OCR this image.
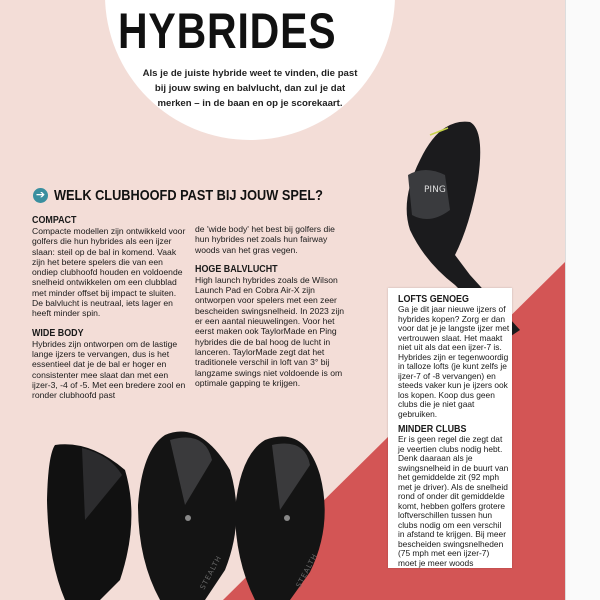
HYBRIDES
Als je de juiste hybride weet te vinden, die past bij jouw swing en balvlucht, dan zul je dat merken – in de baan en op je scorekaart.
PING
STEALTH	STEALTH
➔ WELK CLUBHOOFD PAST BIJ JOUW SPEL?
COMPACT

Compacte modellen zijn ontwikkeld voor golfers die hun hybrides als een ijzer slaan: steil op de bal in komend. Vaak zijn het betere spelers die van een ondiep clubhoofd houden en voldoende snelheid ontwikkelen om een clubblad met minder offset bij impact te sluiten. De balvlucht is neutraal, iets lager en heeft minder spin.

WIDE BODY

Hybrides zijn ontworpen om de lastige lange ijzers te vervangen, dus is het essentieel dat je de bal er hoger en consistenter mee slaat dan met een ijzer-3, -4 of -5. Met een bredere zool en ronder clubhoofd past

de 'wide body' het best bij golfers die hun hybrides net zoals hun fairway woods van het gras vegen.

HOGE BALVLUCHT

High launch hybrides zoals de Wilson Launch Pad en Cobra Air-X zijn ontworpen voor spelers met een zeer bescheiden swingsnelheid. In 2023 zijn er een aantal nieuwelingen. Voor het eerst maken ook TaylorMade en Ping hybrides die de bal hoog de lucht in lanceren. TaylorMade zegt dat het traditionele verschil in loft van 3° bij langzame swings niet voldoende is om optimale gapping te krijgen.

LOFTS GENOEG

Ga je dit jaar nieuwe ijzers of hybrides kopen? Zorg er dan voor dat je je langste ijzer met vertrouwen slaat. Het maakt niet uit als dat een ijzer-7 is. Hybrides zijn er tegenwoordig in talloze lofts (je kunt zelfs je ijzer-7 of -8 vervangen) en steeds vaker kun je ijzers ook los kopen. Koop dus geen clubs die je niet gaat gebruiken.

MINDER CLUBS

Er is geen regel die zegt dat je veertien clubs nodig hebt. Denk daaraan als je swingsnelheid in de buurt van het gemiddelde zit (92 mph met je driver). Als de snelheid rond of onder dit gemiddelde komt, hebben golfers grotere loftverschillen tussen hun clubs nodig om een verschil in afstand te krijgen. Bij meer bescheiden swingsnelheden (75 mph met een ijzer-7) moet je meer woods
